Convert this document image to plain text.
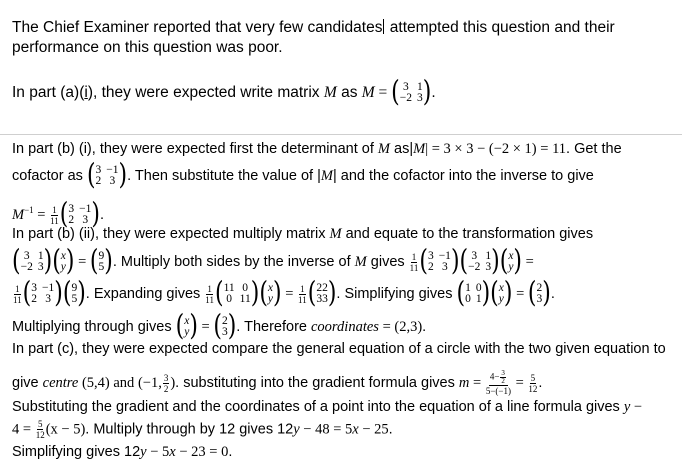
The Chief Examiner reported that very few candidates attempted this question and their
performance on this question was poor.
In part (a)(i), they were expected write matrix M as M = ( 3 1
−2 3 ) .
In part (b) (i), they were expected first the determinant of M as|M| = 3 × 3 − (−2 × 1) = 11. Get the
cofactor as ( 3 −1
2 3 ) . Then substitute the value of |M| and the cofactor into the inverse to give
$M^{-1} = \frac{1}{11}$ ( 3 −1
2 3 ) .
In part (b) (ii), they were expected multiply matrix M and equate to the transformation gives
( 3 1
−2 3 ) ( x
y ) = ( 9
5 ) . Multiply both sides by the inverse of M gives $\frac{1}{11}$ ( 3 −1
2 3 ) ( 3 1
−2 3 ) ( x
y ) =
$\frac{1}{11}$ ( 3 −1
2 3 ) ( 9
5 ) . Expanding gives $\frac{1}{11}$ ( 11 0
0 11 ) ( x
y ) = $\frac{1}{11}$ ( 22
33 ) . Simplifying gives ( 1 0
0 1 ) ( x
y ) = ( 2
3 ) .
Multiplying through gives ( x
y ) = ( 2
3 ) . Therefore coordinates = (2,3).
In part (c), they were expected compare the general equation of a circle with the two given equation to
give centre (5,4) and (−1, $\frac{3}{2}$ ). substituting into the gradient formula gives $m = \frac{4- \frac{3}{2}}{5-(-1)} = \frac{5}{12}$ .
Substituting the gradient and the coordinates of a point into the equation of a line formula gives y −
$4 = \frac{5}{12} (x - 5)$. Multiply through by 12 gives 12y − 48 = 5x − 25.
Simplifying gives 12y − 5x − 23 = 0.
